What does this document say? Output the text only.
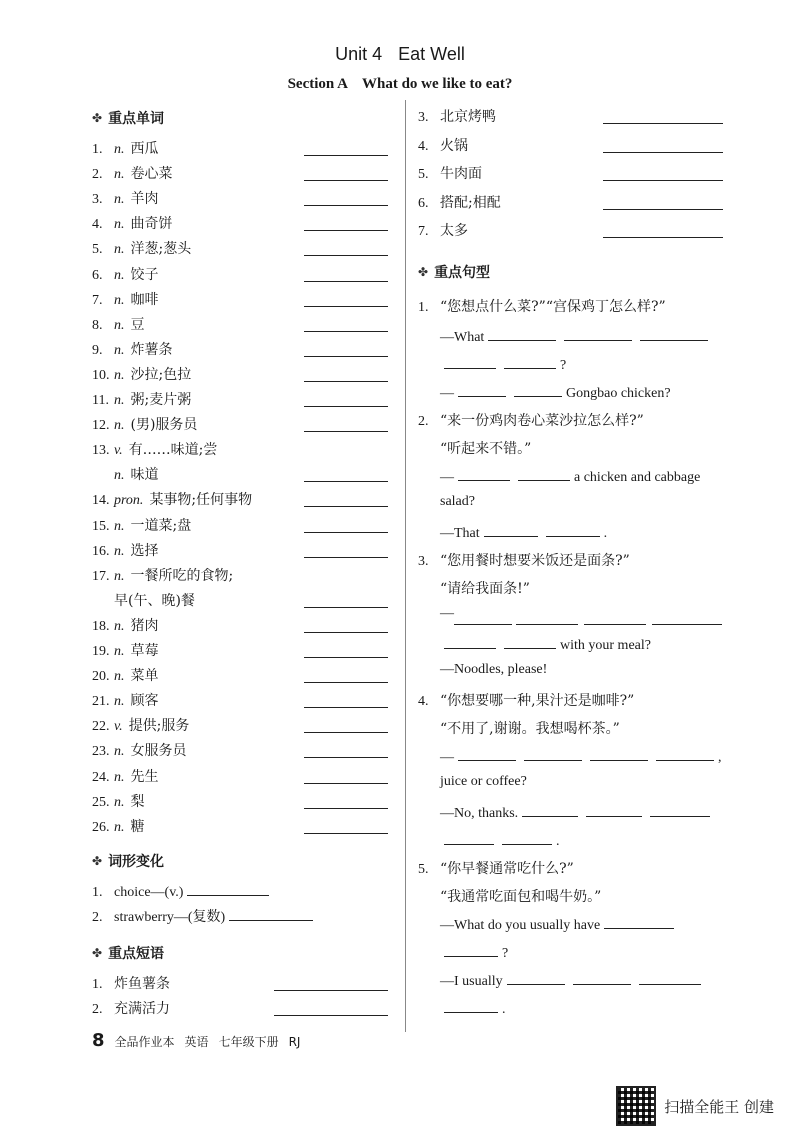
Unit 4 Eat Well
Section A What do we like to eat?
✤ 重点单词
1. n. 西瓜
2. n. 卷心菜
3. n. 羊肉
4. n. 曲奇饼
5. n. 洋葱;葱头
6. n. 饺子
7. n. 咖啡
8. n. 豆
9. n. 炸薯条
10. n. 沙拉;色拉
11. n. 粥;麦片粥
12. n. (男)服务员
13. v. 有……味道;尝
n. 味道
14. pron. 某事物;任何事物
15. n. 一道菜;盘
16. n. 选择
17. n. 一餐所吃的食物;
早(午、晚)餐
18. n. 猪肉
19. n. 草莓
20. n. 菜单
21. n. 顾客
22. v. 提供;服务
23. n. 女服务员
24. n. 先生
25. n. 梨
26. n. 糖
✤ 词形变化
1. choice—(v.)
2. strawberry—(复数)
✤ 重点短语
1. 炸鱼薯条
2. 充满活力
3. 北京烤鸭
4. 火锅
5. 牛肉面
6. 搭配;相配
7. 太多
✤ 重点句型
1. “您想点什么菜?”“宫保鸡丁怎么样?”
—What
?
—	Gongbao chicken?
2. “来一份鸡肉卷心菜沙拉怎么样?”
“听起来不错。”
—	a chicken and cabbage
salad?
—That	.
3. “您用餐时想要米饭还是面条?”
“请给我面条!”
—
with your meal?
—Noodles, please!
4. “你想要哪一种,果汁还是咖啡?”
“不用了,谢谢。我想喝杯茶。”
—	,
juice or coffee?
—No, thanks.
.
5. “你早餐通常吃什么?”
“我通常吃面包和喝牛奶。”
—What do you usually have
?
—I usually
.
8 全品作业本 英语 七年级下册 RJ
扫描全能王 创建
